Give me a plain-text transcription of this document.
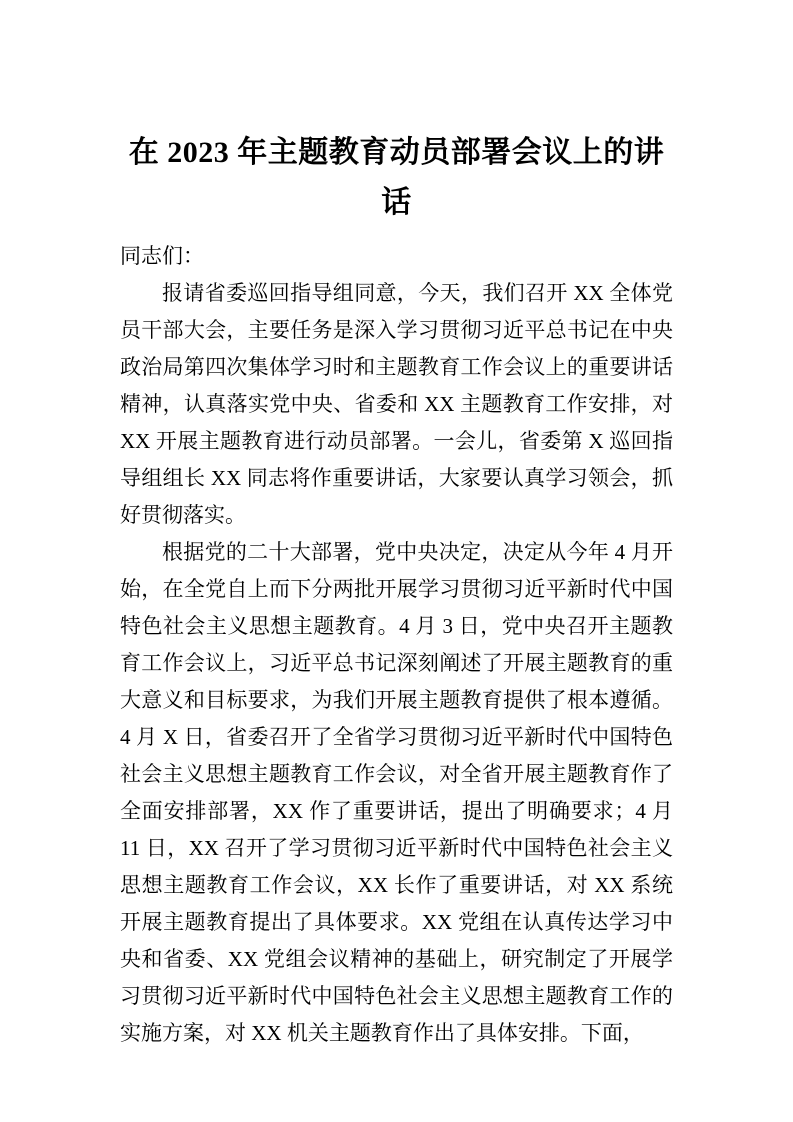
在 2023 年主题教育动员部署会议上的讲话

同志们：

报请省委巡回指导组同意，今天，我们召开 XX 全体党员干部大会，主要任务是深入学习贯彻习近平总书记在中央政治局第四次集体学习时和主题教育工作会议上的重要讲话精神，认真落实党中央、省委和 XX 主题教育工作安排，对 XX 开展主题教育进行动员部署。一会儿，省委第 X 巡回指导组组长 XX 同志将作重要讲话，大家要认真学习领会，抓好贯彻落实。

根据党的二十大部署，党中央决定，决定从今年 4 月开始，在全党自上而下分两批开展学习贯彻习近平新时代中国特色社会主义思想主题教育。4 月 3 日，党中央召开主题教育工作会议上，习近平总书记深刻阐述了开展主题教育的重大意义和目标要求，为我们开展主题教育提供了根本遵循。4 月 X 日，省委召开了全省学习贯彻习近平新时代中国特色社会主义思想主题教育工作会议，对全省开展主题教育作了全面安排部署，XX 作了重要讲话，提出了明确要求；4 月 11 日，XX 召开了学习贯彻习近平新时代中国特色社会主义思想主题教育工作会议，XX 长作了重要讲话，对 XX 系统开展主题教育提出了具体要求。XX 党组在认真传达学习中央和省委、XX 党组会议精神的基础上，研究制定了开展学习贯彻习近平新时代中国特色社会主义思想主题教育工作的实施方案，对 XX 机关主题教育作出了具体安排。下面，
